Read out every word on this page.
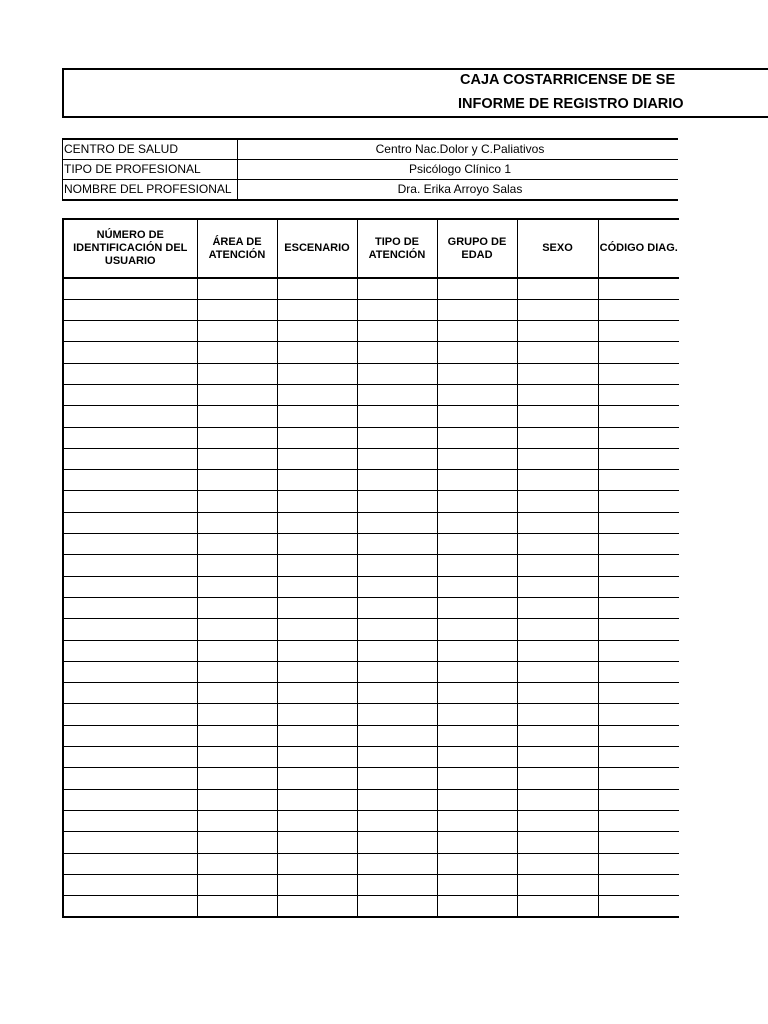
CAJA COSTARRICENSE DE SE
INFORME DE REGISTRO DIARIO
CENTRO DE SALUD	Centro Nac.Dolor y C.Paliativos
TIPO DE PROFESIONAL	Psicólogo Clínico 1
NOMBRE DEL PROFESIONAL	Dra. Erika Arroyo Salas
NÚMERO DE IDENTIFICACIÓN DEL USUARIO	ÁREA DE ATENCIÓN	ESCENARIO	TIPO DE ATENCIÓN	GRUPO DE EDAD	SEXO	CÓDIGO DIAG.
